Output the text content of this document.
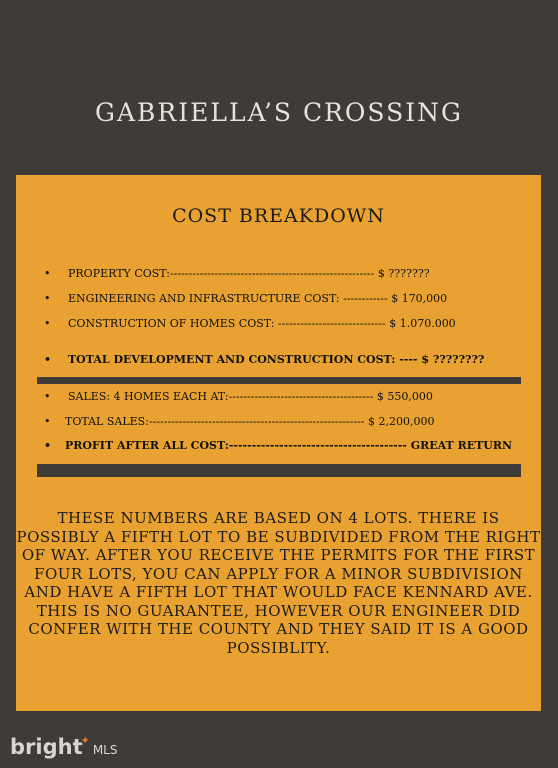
GABRIELLA’S CROSSING
COST BREAKDOWN
• PROPERTY COST:------------------------------------------------------- $ ???????
• ENGINEERING AND INFRASTRUCTURE COST: ------------ $ 170,000
• CONSTRUCTION OF HOMES COST: ----------------------------- $ 1.070.000
• TOTAL DEVELOPMENT AND CONSTRUCTION COST: ---- $ ????????
• SALES: 4 HOMES EACH AT:--------------------------------------- $ 550,000
• TOTAL SALES:---------------------------------------------------------- $ 2,200,000
• PROFIT AFTER ALL COST:--------------------------------------- GREAT RETURN

THESE NUMBERS ARE BASED ON 4 LOTS. THERE IS POSSIBLY A FIFTH LOT TO BE SUBDIVIDED FROM THE RIGHT OF WAY. AFTER YOU RECEIVE THE PERMITS FOR THE FIRST FOUR LOTS, YOU CAN APPLY FOR A MINOR SUBDIVISION AND HAVE A FIFTH LOT THAT WOULD FACE KENNARD AVE.

THIS IS NO GUARANTEE, HOWEVER OUR ENGINEER DID CONFER WITH THE COUNTY AND THEY SAID IT IS A GOOD POSSIBLITY.

bright✦MLS
